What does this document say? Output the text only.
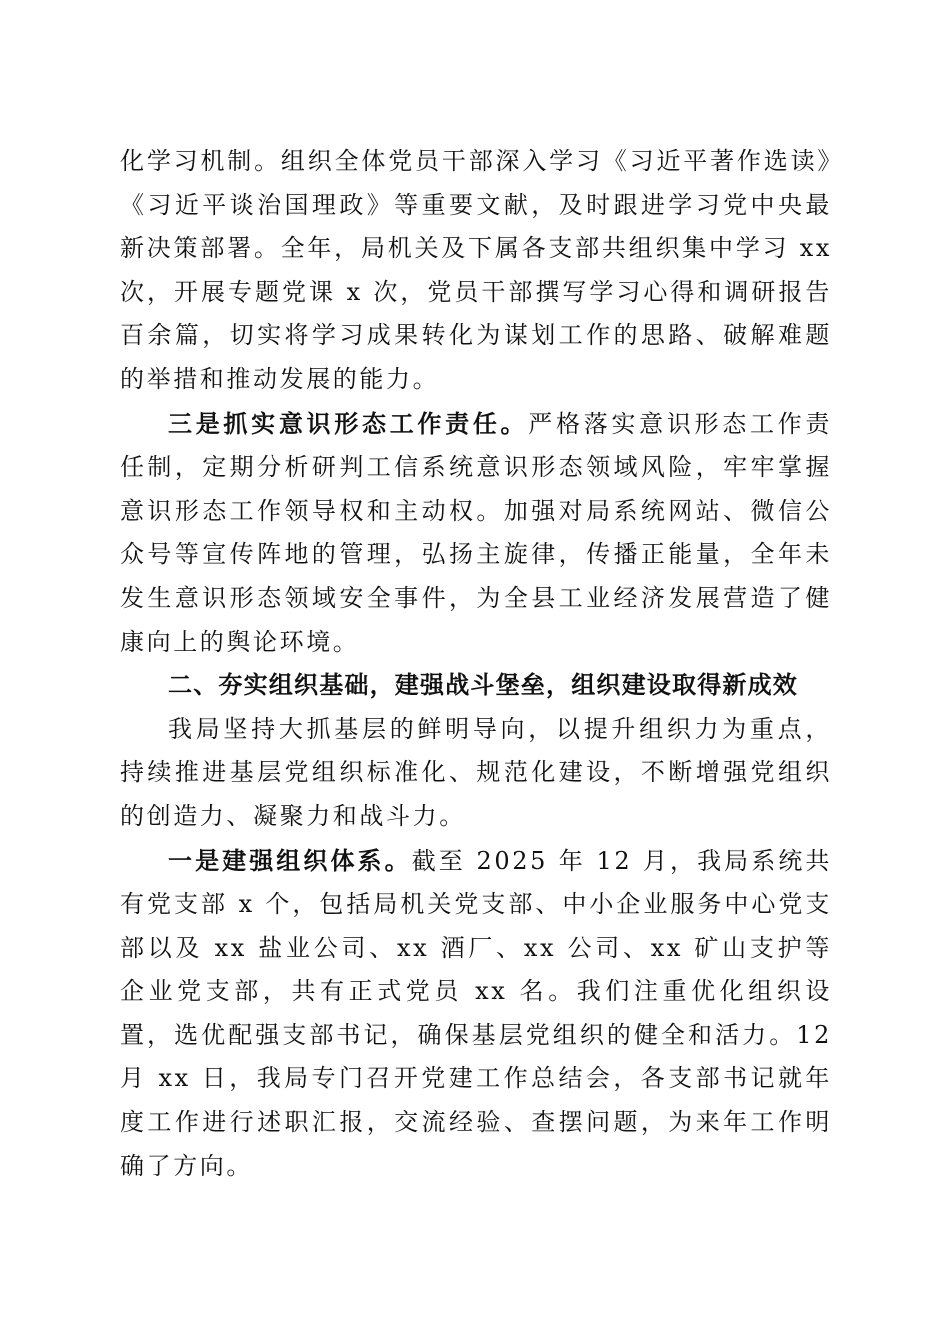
化学习机制。组织全体党员干部深入学习《习近平著作选读》《习近平谈治国理政》等重要文献，及时跟进学习党中央最新决策部署。全年，局机关及下属各支部共组织集中学习 xx 次，开展专题党课 x 次，党员干部撰写学习心得和调研报告百余篇，切实将学习成果转化为谋划工作的思路、破解难题的举措和推动发展的能力。

三是抓实意识形态工作责任。严格落实意识形态工作责任制，定期分析研判工信系统意识形态领域风险，牢牢掌握意识形态工作领导权和主动权。加强对局系统网站、微信公众号等宣传阵地的管理，弘扬主旋律，传播正能量，全年未发生意识形态领域安全事件，为全县工业经济发展营造了健康向上的舆论环境。

二、夯实组织基础，建强战斗堡垒，组织建设取得新成效

我局坚持大抓基层的鲜明导向，以提升组织力为重点，持续推进基层党组织标准化、规范化建设，不断增强党组织的创造力、凝聚力和战斗力。

一是建强组织体系。截至 2025 年 12 月，我局系统共有党支部 x 个，包括局机关党支部、中小企业服务中心党支部以及 xx 盐业公司、xx 酒厂、xx 公司、xx 矿山支护等企业党支部，共有正式党员 xx 名。我们注重优化组织设置，选优配强支部书记，确保基层党组织的健全和活力。12 月 xx 日，我局专门召开党建工作总结会，各支部书记就年度工作进行述职汇报，交流经验、查摆问题，为来年工作明确了方向。
